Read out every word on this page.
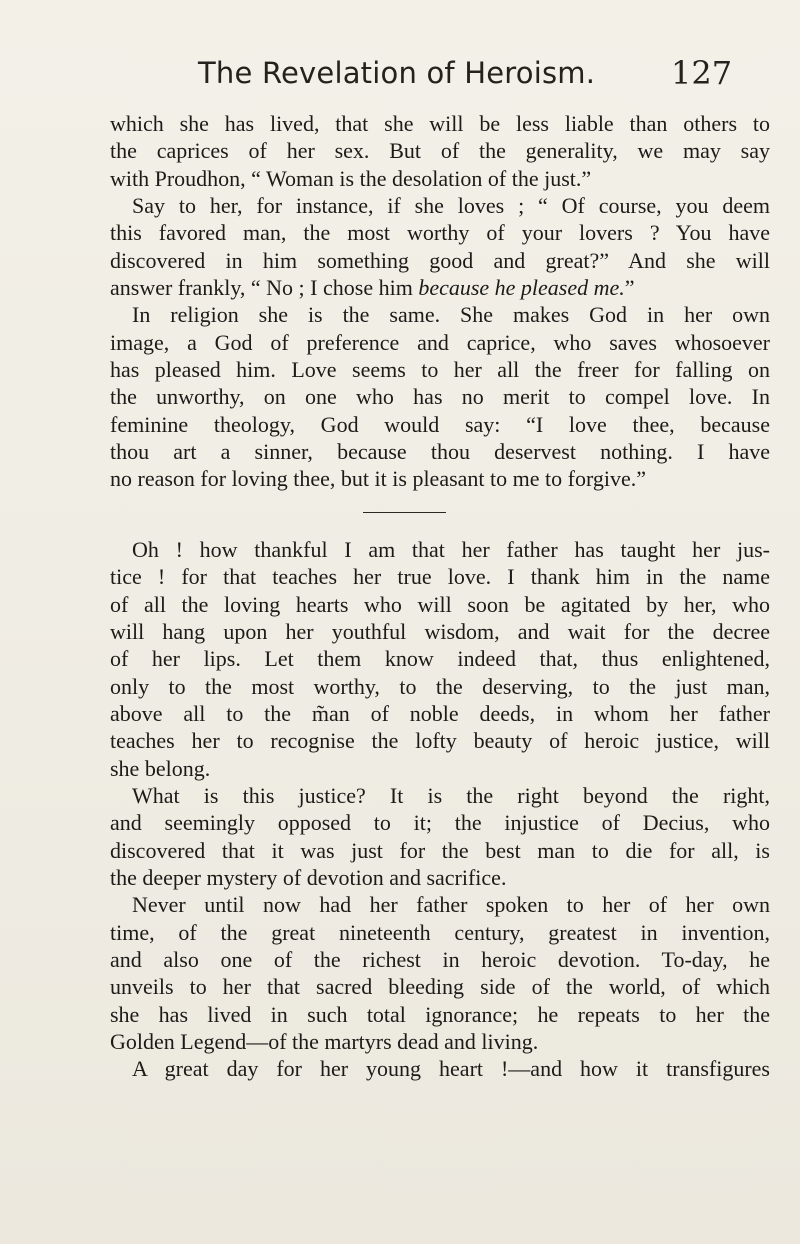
The Revelation of Heroism. 127
which she has lived, that she will be less liable than others to
the caprices of her sex. But of the generality, we may say
with Proudhon, “ Woman is the desolation of the just.”
Say to her, for instance, if she loves ; “ Of course, you deem
this favored man, the most worthy of your lovers ? You have
discovered in him something good and great?” And she will
answer frankly, “ No ; I chose him because he pleased me.”
In religion she is the same. She makes God in her own
image, a God of preference and caprice, who saves whosoever
has pleased him. Love seems to her all the freer for falling on
the unworthy, on one who has no merit to compel love. In
feminine theology, God would say: “I love thee, because
thou art a sinner, because thou deservest nothing. I have
no reason for loving thee, but it is pleasant to me to forgive.”
Oh ! how thankful I am that her father has taught her jus-
tice ! for that teaches her true love. I thank him in the name
of all the loving hearts who will soon be agitated by her, who
will hang upon her youthful wisdom, and wait for the decree
of her lips. Let them know indeed that, thus enlightened,
only to the most worthy, to the deserving, to the just man,
above all to the m̃an of noble deeds, in whom her father
teaches her to recognise the lofty beauty of heroic justice, will
she belong.
What is this justice? It is the right beyond the right,
and seemingly opposed to it; the injustice of Decius, who
discovered that it was just for the best man to die for all, is
the deeper mystery of devotion and sacrifice.
Never until now had her father spoken to her of her own
time, of the great nineteenth century, greatest in invention,
and also one of the richest in heroic devotion. To-day, he
unveils to her that sacred bleeding side of the world, of which
she has lived in such total ignorance; he repeats to her the
Golden Legend—of the martyrs dead and living.
A great day for her young heart !—and how it transfigures
